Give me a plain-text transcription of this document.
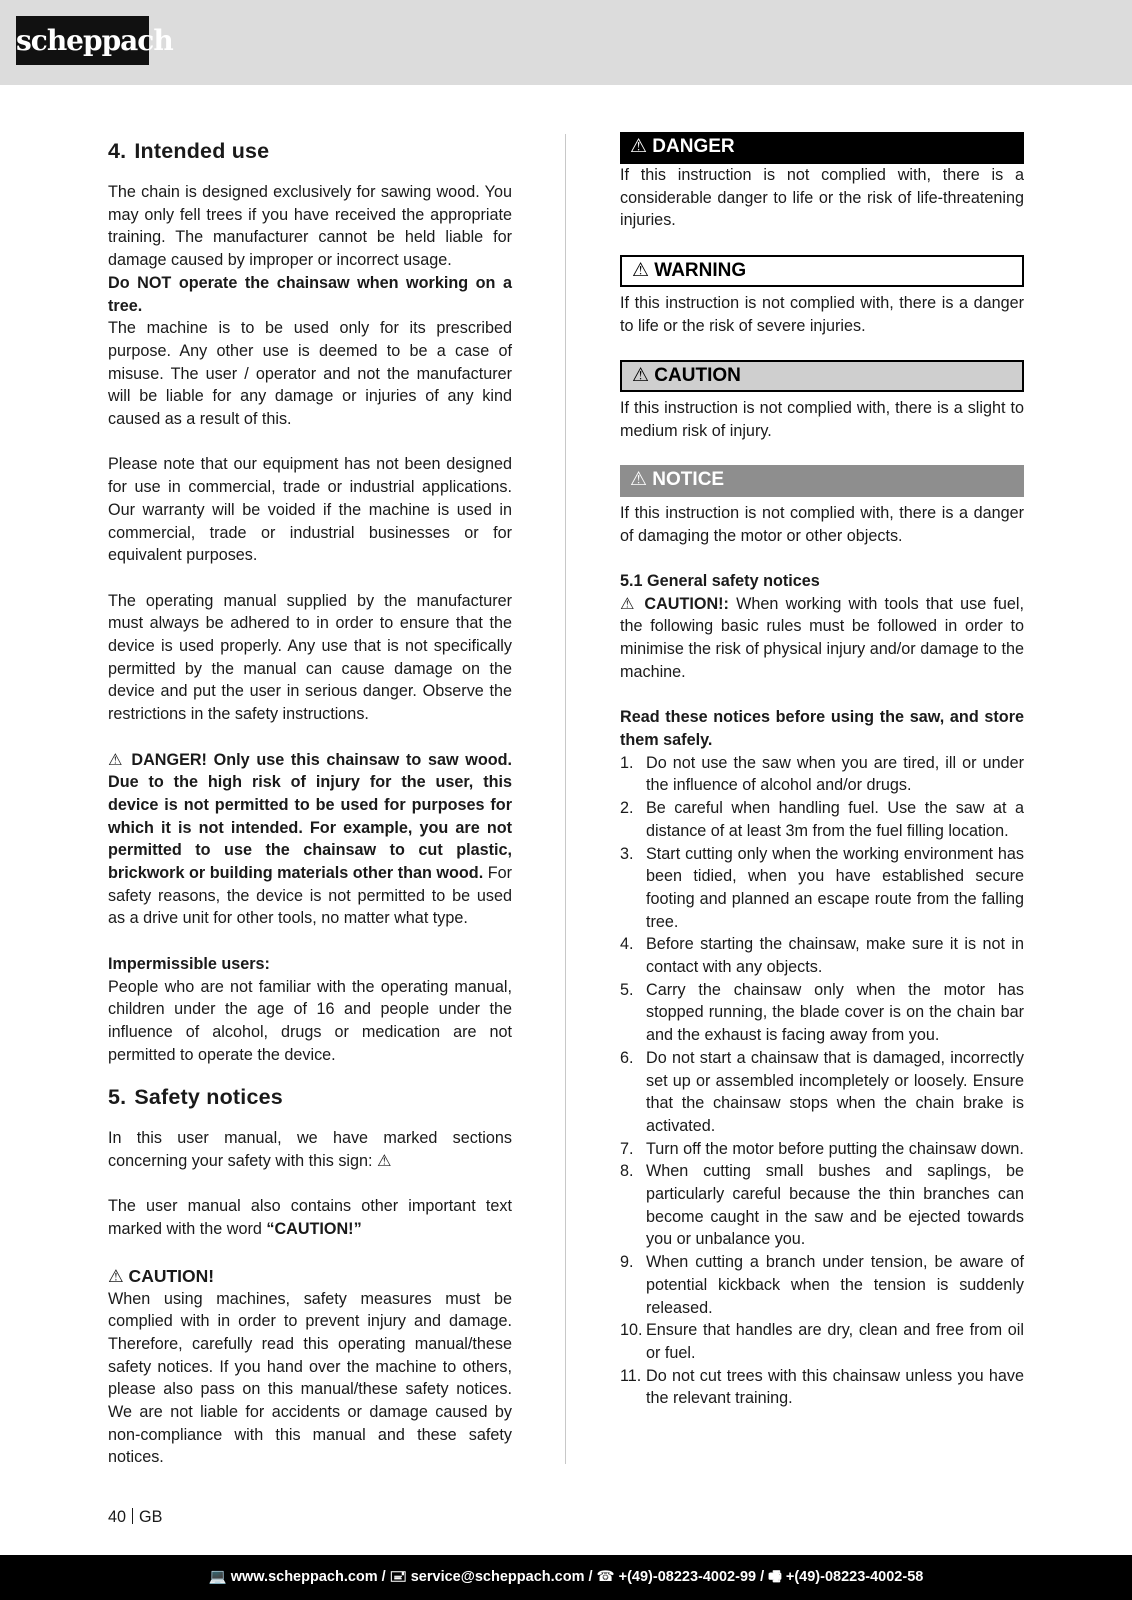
scheppach
4. Intended use

The chain is designed exclusively for sawing wood. You may only fell trees if you have received the appropriate training. The manufacturer cannot be held liable for damage caused by improper or incorrect usage.

Do NOT operate the chainsaw when working on a tree.

The machine is to be used only for its prescribed purpose. Any other use is deemed to be a case of misuse. The user / operator and not the manufacturer will be liable for any damage or injuries of any kind caused as a result of this.

Please note that our equipment has not been designed for use in commercial, trade or industrial applications. Our warranty will be voided if the machine is used in commercial, trade or industrial businesses or for equivalent purposes.

The operating manual supplied by the manufacturer must always be adhered to in order to ensure that the device is used properly. Any use that is not specifically permitted by the manual can cause damage on the device and put the user in serious danger. Observe the restrictions in the safety instructions.

⚠ DANGER! Only use this chainsaw to saw wood. Due to the high risk of injury for the user, this device is not permitted to be used for purposes for which it is not intended. For example, you are not permitted to use the chainsaw to cut plastic, brickwork or building materials other than wood. For safety reasons, the device is not permitted to be used as a drive unit for other tools, no matter what type.

Impermissible users:

People who are not familiar with the operating manual, children under the age of 16 and people under the influence of alcohol, drugs or medication are not permitted to operate the device.

5. Safety notices

In this user manual, we have marked sections concerning your safety with this sign: ⚠

The user manual also contains other important text marked with the word “CAUTION!”

⚠ CAUTION!

When using machines, safety measures must be complied with in order to prevent injury and damage. Therefore, carefully read this operating manual/these safety notices. If you hand over the machine to others, please also pass on this manual/these safety notices. We are not liable for accidents or damage caused by non-compliance with this manual and these safety notices.

⚠ DANGER

If this instruction is not complied with, there is a considerable danger to life or the risk of life-threatening injuries.

⚠ WARNING

If this instruction is not complied with, there is a danger to life or the risk of severe injuries.

⚠ CAUTION

If this instruction is not complied with, there is a slight to medium risk of injury.

⚠ NOTICE

If this instruction is not complied with, there is a danger of damaging the motor or other objects.

5.1 General safety notices

⚠ CAUTION!: When working with tools that use fuel, the following basic rules must be followed in order to minimise the risk of physical injury and/or damage to the machine.

Read these notices before using the saw, and store them safely.

1. Do not use the saw when you are tired, ill or under the influence of alcohol and/or drugs.
2. Be careful when handling fuel. Use the saw at a distance of at least 3m from the fuel filling location.
3. Start cutting only when the working environment has been tidied, when you have established secure footing and planned an escape route from the falling tree.
4. Before starting the chainsaw, make sure it is not in contact with any objects.
5. Carry the chainsaw only when the motor has stopped running, the blade cover is on the chain bar and the exhaust is facing away from you.
6. Do not start a chainsaw that is damaged, incorrectly set up or assembled incompletely or loosely. Ensure that the chainsaw stops when the chain brake is activated.
7. Turn off the motor before putting the chainsaw down.
8. When cutting small bushes and saplings, be particularly careful because the thin branches can become caught in the saw and be ejected towards you or unbalance you.
9. When cutting a branch under tension, be aware of potential kickback when the tension is suddenly released.
10. Ensure that handles are dry, clean and free from oil or fuel.
11. Do not cut trees with this chainsaw unless you have the relevant training.
40 GB
💻 www.scheppach.com / 🖃 service@scheppach.com / ☎ +(49)-08223-4002-99 / 🖷 +(49)-08223-4002-58
